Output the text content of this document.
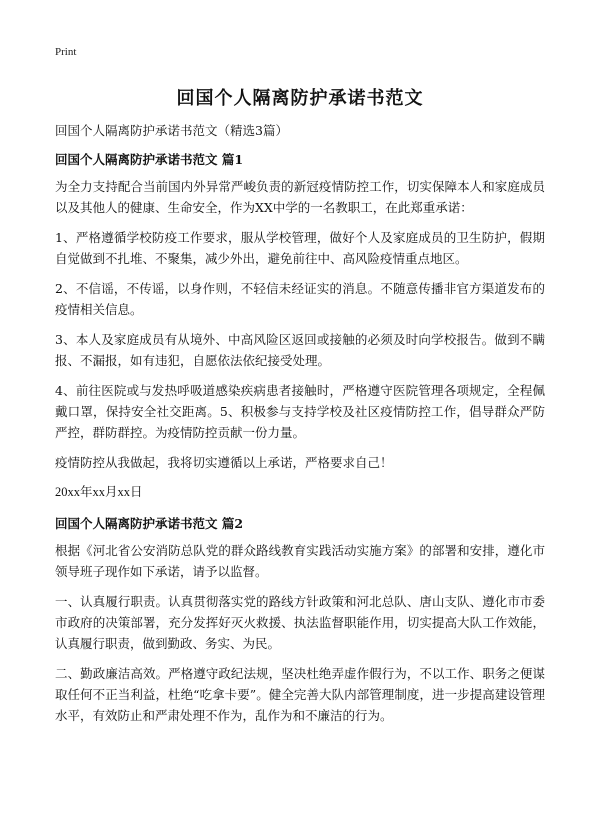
Print
回国个人隔离防护承诺书范文

回国个人隔离防护承诺书范文（精选3篇）

回国个人隔离防护承诺书范文 篇1

为全力支持配合当前国内外异常严峻负责的新冠疫情防控工作，切实保障本人和家庭成员以及其他人的健康、生命安全，作为XX中学的一名教职工，在此郑重承诺：

1、严格遵循学校防疫工作要求，服从学校管理，做好个人及家庭成员的卫生防护，假期自觉做到不扎堆、不聚集，减少外出，避免前往中、高风险疫情重点地区。

2、不信谣，不传谣，以身作则，不轻信未经证实的消息。不随意传播非官方渠道发布的疫情相关信息。

3、本人及家庭成员有从境外、中高风险区返回或接触的必须及时向学校报告。做到不瞒报、不漏报，如有违犯，自愿依法依纪接受处理。

4、前往医院或与发热呼吸道感染疾病患者接触时，严格遵守医院管理各项规定，全程佩戴口罩，保持安全社交距离。5、积极参与支持学校及社区疫情防控工作，倡导群众严防严控，群防群控。为疫情防控贡献一份力量。

疫情防控从我做起，我将切实遵循以上承诺，严格要求自己！

20xx年xx月xx日

回国个人隔离防护承诺书范文 篇2

根据《河北省公安消防总队党的群众路线教育实践活动实施方案》的部署和安排，遵化市领导班子现作如下承诺，请予以监督。

一、认真履行职责。认真贯彻落实党的路线方针政策和河北总队、唐山支队、遵化市市委市政府的决策部署，充分发挥好灭火救援、执法监督职能作用，切实提高大队工作效能，认真履行职责，做到勤政、务实、为民。

二、勤政廉洁高效。严格遵守政纪法规，坚决杜绝弄虚作假行为，不以工作、职务之便谋取任何不正当利益，杜绝“吃拿卡要”。健全完善大队内部管理制度，进一步提高建设管理水平，有效防止和严肃处理不作为，乱作为和不廉洁的行为。
